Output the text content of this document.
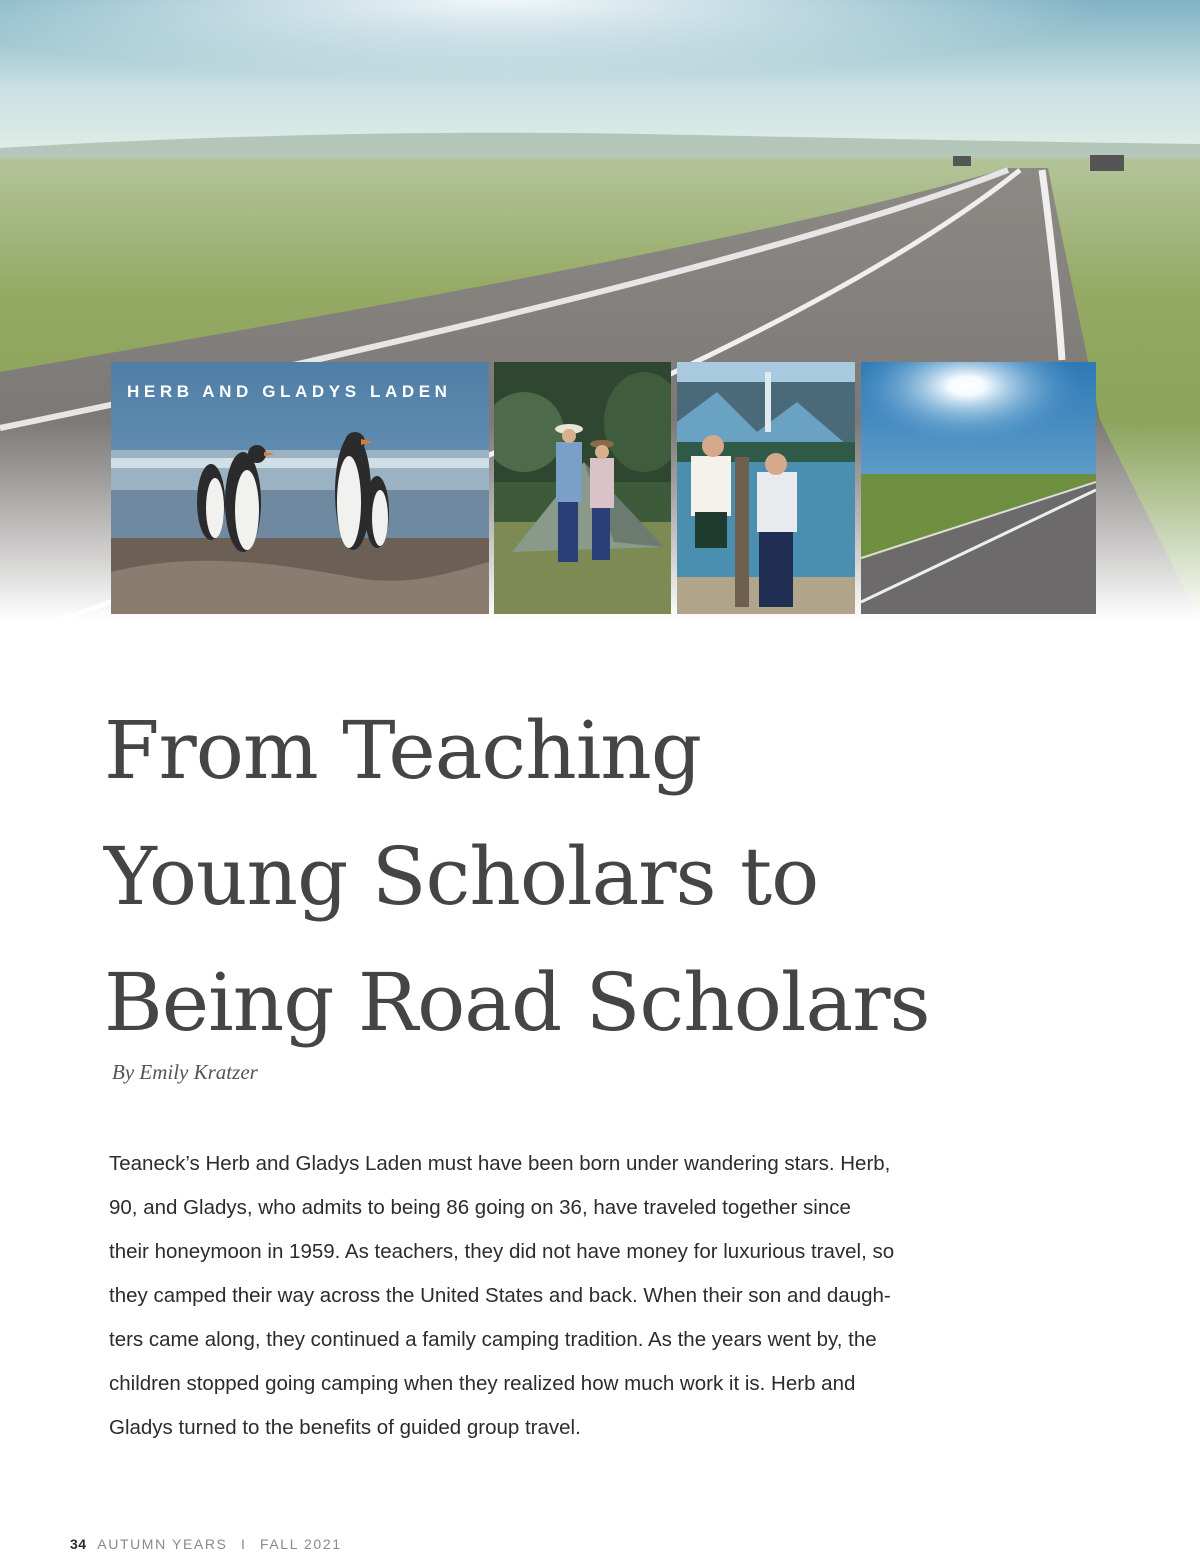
HERB AND GLADYS LADEN
From Teaching
Young Scholars to
Being Road Scholars
By Emily Kratzer

Teaneck’s Herb and Gladys Laden must have been born under wandering stars. Herb,
90, and Gladys, who admits to being 86 going on 36, have traveled together since
their honeymoon in 1959. As teachers, they did not have money for luxurious travel, so
they camped their way across the United States and back. When their son and daugh-
ters came along, they continued a family camping tradition. As the years went by, the
children stopped going camping when they realized how much work it is. Herb and
Gladys turned to the benefits of guided group travel.

34 AUTUMN YEARS I FALL 2021
